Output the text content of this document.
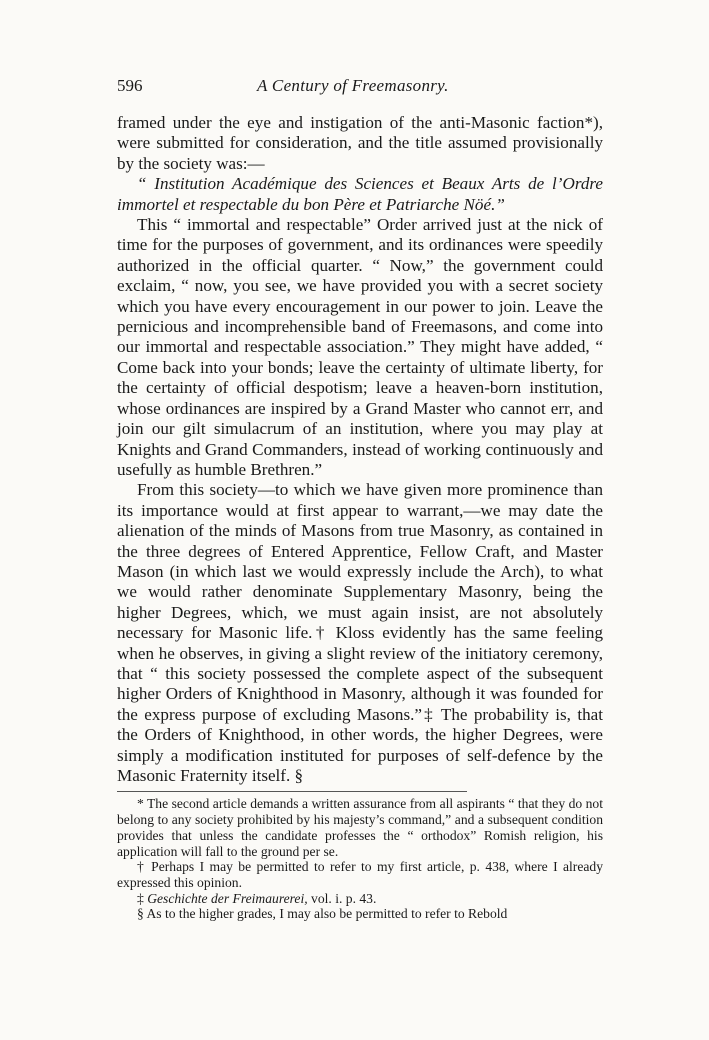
596	A Century of Freemasonry.

framed under the eye and instigation of the anti-Masonic faction*), were submitted for consideration, and the title assumed provisionally by the society was:—

“ Institution Académique des Sciences et Beaux Arts de l’Ordre immortel et respectable du bon Père et Patriarche Nöé.”

This “ immortal and respectable” Order arrived just at the nick of time for the purposes of government, and its ordinances were speedily authorized in the official quarter. “ Now,” the government could exclaim, “ now, you see, we have provided you with a secret society which you have every encouragement in our power to join. Leave the pernicious and incomprehensible band of Freemasons, and come into our immortal and respectable association.” They might have added, “ Come back into your bonds; leave the certainty of ultimate liberty, for the certainty of official despotism; leave a heaven-born institution, whose ordinances are inspired by a Grand Master who cannot err, and join our gilt simulacrum of an institution, where you may play at Knights and Grand Commanders, instead of working continuously and usefully as humble Brethren.”

From this society—to which we have given more prominence than its importance would at first appear to warrant,—we may date the alienation of the minds of Masons from true Masonry, as contained in the three degrees of Entered Apprentice, Fellow Craft, and Master Mason (in which last we would expressly include the Arch), to what we would rather denominate Supplementary Masonry, being the higher Degrees, which, we must again insist, are not absolutely necessary for Masonic life.† Kloss evidently has the same feeling when he observes, in giving a slight review of the initiatory ceremony, that “ this society possessed the complete aspect of the subsequent higher Orders of Knighthood in Masonry, although it was founded for the express purpose of excluding Masons.”‡ The probability is, that the Orders of Knighthood, in other words, the higher Degrees, were simply a modification instituted for purposes of self-defence by the Masonic Fraternity itself. §

* The second article demands a written assurance from all aspirants “ that they do not belong to any society prohibited by his majesty’s command,” and a subsequent condition provides that unless the candidate professes the “ orthodox” Romish religion, his application will fall to the ground per se.

† Perhaps I may be permitted to refer to my first article, p. 438, where I already expressed this opinion.

‡ Geschichte der Freimaurerei, vol. i. p. 43.

§ As to the higher grades, I may also be permitted to refer to Rebold
